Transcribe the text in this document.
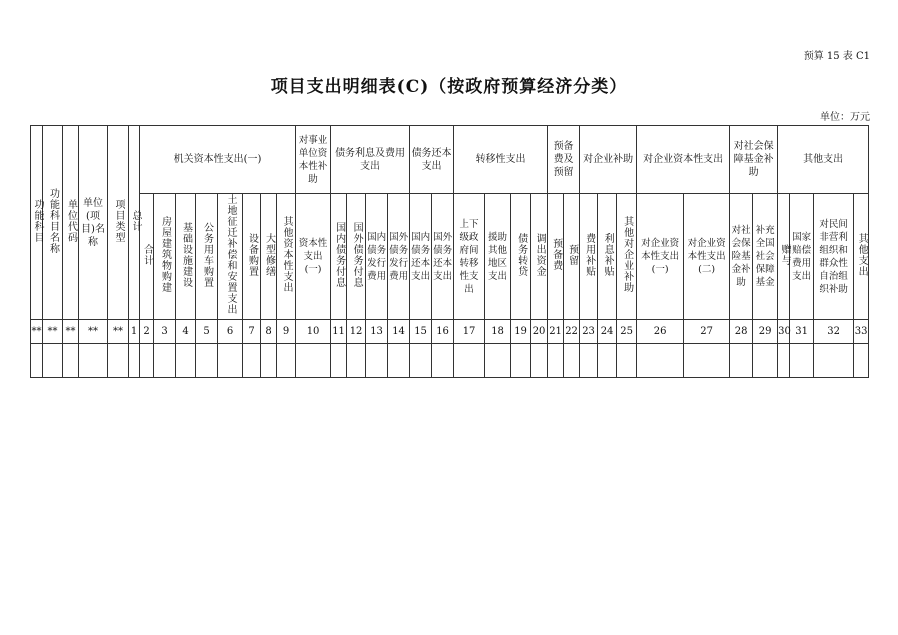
预算 15 表 C1
项目支出明细表(C)（按政府预算经济分类）
单位：万元
功能科目	功能科目名称	单位代码	单位(项目)名称	项目类型	总计	机关资本性支出(一)								对事业单位资本性补助	债务利息及费用支出				债务还本支出		转移性支出				预备费及预留		对企业补助			对企业资本性支出		对社会保障基金补助		其他支出			
						合计	房屋建筑物购建	基础设施建设	公务用车购置	土地征迁补偿和安置支出	设备购置	大型修缮	其他资本性支出	资本性支出(一)	国内债务付息	国外债务付息	国内债务发行费用	国外债务发行费用	国内债务还本支出	国外债务还本支出	上下级政府间转移性支出	援助其他地区支出	债务转贷	调出资金	预备费	预留	费用补贴	利息补贴	其他对企业补助	对企业资本性支出(一)	对企业资本性支出(二)	对社会保险基金补助	补充全国社会保障基金	赠与	国家赔偿费用支出	对民间非营利组织和群众性自治组织补助	其他支出
**	**	**	**	**	1	2	3	4	5	6	7	8	9	10	11	12	13	14	15	16	17	18	19	20	21	22	23	24	25	26	27	28	29	30	31	32	33
